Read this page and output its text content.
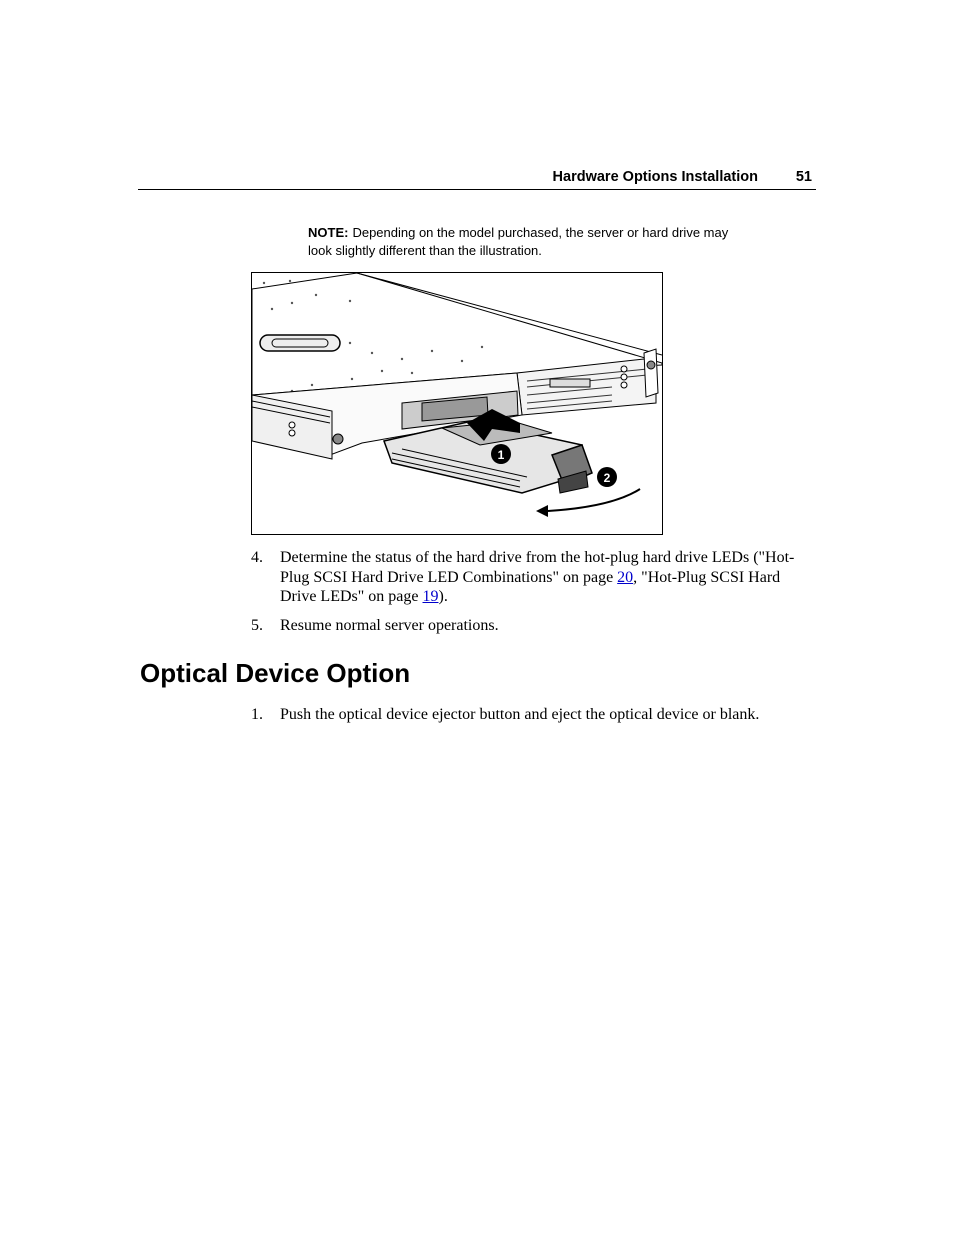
Hardware Options Installation	51
NOTE: Depending on the model purchased, the server or hard drive may look slightly different than the illustration.
1
2
4. Determine the status of the hard drive from the hot-plug hard drive LEDs ("Hot-Plug SCSI Hard Drive LED Combinations" on page 20, "Hot-Plug SCSI Hard Drive LEDs" on page 19).
5. Resume normal server operations.
Optical Device Option
1. Push the optical device ejector button and eject the optical device or blank.
